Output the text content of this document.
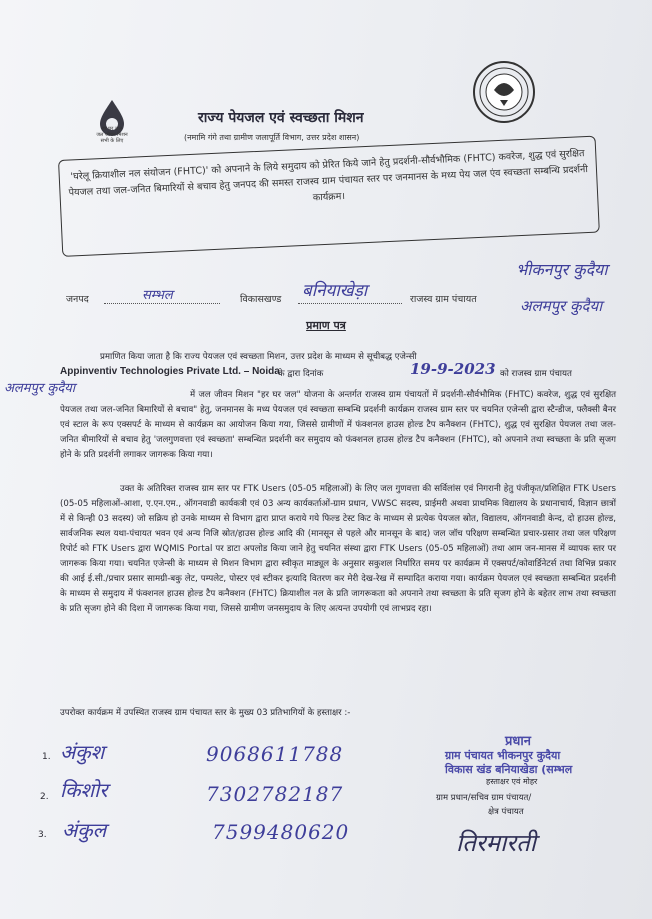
हर घर जल
जल जीवन मिशन
सभी के लिए
राज्य पेयजल एवं स्वच्छता मिशन
(नमामि गंगे तथा ग्रामीण जलापूर्ति विभाग, उत्तर प्रदेश शासन)
'घरेलू क्रियाशील नल संयोजन (FHTC)' को अपनाने के लिये समुदाय को प्रेरित किये जाने हेतु प्रदर्शनी-सौर्वभौमिक (FHTC) कवरेज, शुद्ध एवं सुरक्षित पेयजल तथा जल-जनित बिमारियों से बचाव हेतु जनपद की समस्त राजस्व ग्राम पंचायत स्तर पर जनमानस के मध्य पेय जल एंव स्वच्छता सम्बन्धि प्रदर्शनी कार्यक्रम।
जनपद	सम्भल	विकासखण्ड बनियाखेड़ा	राजस्व ग्राम पंचायत
भीकनपुर कुदैया
अलमपुर कुदैया
प्रमाण पत्र
प्रमाणित किया जाता है कि राज्य पेयजल एवं स्वच्छता मिशन, उत्तर प्रदेश के माध्यम से सूचीबद्ध एजेन्सी
Appinventiv Technologies Private Ltd. – Noida
के द्वारा दिनांक	19-9-2023 को राजस्व ग्राम पंचायत
अलमपुर कुदैया	में जल जीवन मिशन "हर घर जल" योजना के अन्तर्गत राजस्व ग्राम पंचायतों में प्रदर्शनी-सौर्वभौमिक (FHTC) कवरेज, शुद्ध एवं सुरक्षित पेयजल तथा जल-जनित बिमारियों से बचाव" हेतु, जनमानस के मध्य पेयजल एवं स्वच्छता सम्बन्धि प्रदर्शनी कार्यक्रम राजस्व ग्राम स्तर पर चयनित एजेन्सी द्वारा स्टैन्डीज, फ्लैक्सी बैनर एवं स्टाल के रूप एक्सपर्ट के माध्यम से कार्यक्रम का आयोजन किया गया, जिससे ग्रामीणों में फंक्शनल हाउस होल्ड टैप कनैक्शन (FHTC), शुद्ध एवं सुरक्षित पेयजल तथा जल-जनित बीमारियों से बचाव हेतु 'जलगुणवत्ता एवं स्वच्छता' सम्बन्धित प्रदर्शनी कर समुदाय को फंक्शनल हाउस होल्ड टैप कनैक्शन (FHTC), को अपनाने तथा स्वच्छता के प्रति सृजग होने के प्रति प्रदर्शनी लगाकर जागरूक किया गया।
उक्त के अतिरिक्त राजस्व ग्राम स्तर पर FTK Users (05-05 महिलाओं) के लिए जल गुणवत्ता की सर्विलांस एवं निगरानी हेतु पंजीकृत/प्रशिक्षित FTK Users (05-05 महिलाओं-आशा, ए.एन.एम., ऑगनवाडी कार्यकत्री एवं 03 अन्य कार्यकर्ताओं-ग्राम प्रधान, VWSC सदस्य, प्राईमरी अथवा प्राथमिक विद्यालय के प्रधानाचार्य, विज्ञान छात्रों में से किन्ही 03 सदस्य) जो सक्रिय हो उनके माध्यम से विभाग द्वारा प्राप्त कराये गये फिल्ड टेस्ट किट के माध्यम से प्रत्येक पेयजल स्रोत, विद्यालय, ऑगनवाडी केन्द, दो हाउस होल्ड, सार्वजनिक स्थल यथा-पंचायत भवन एवं अन्य निजि स्रोत/हाउस होल्ड आदि की (मानसून से पहले और मानसून के बाद) जल जॉच परिक्षण सम्बन्धित प्रचार-प्रसार तथा जल परिक्षण रिपोर्ट को FTK Users द्वारा WQMIS Portal पर डाटा अपलोड किया जाने हेतु चयनित संस्था द्वारा FTK Users (05-05 महिलाओं) तथा आम जन-मानस में व्यापक स्तर पर जागरूक किया गया। चयनित एजेन्सी के माध्यम से मिशन विभाग द्वारा स्वीकृत माड्यूल के अनुसार सकुशल निर्धारित समय पर कार्यक्रम में एक्सपर्ट/कोवार्डिनेटर्स तथा विभिन्न प्रकार की आई ई.सी./प्रचार प्रसार सामग्री-बकु लेट, पम्पलेट, पोस्टर एवं स्टीकर इत्यादि वितरण कर मेरी देख-रेख में सम्पादित कराया गया। कार्यक्रम पेयजल एवं स्वच्छता सम्बन्धित प्रदर्शनी के माध्यम से समुदाय में फंक्शनल हाउस होल्ड टैप कनैक्शन (FHTC) क्रियाशील नल के प्रति जागरूकता को अपनाने तथा स्वच्छता के प्रति सृजग होने के बहेतर लाभ तथा स्वच्छता के प्रति सृजग होने की दिशा में जागरूक किया गया, जिससे ग्रामीण जनसमुदाय के लिए अत्यन्त उपयोगी एवं लाभप्रद रहा।
उपरोक्त कार्यक्रम में उपस्थित राजस्व ग्राम पंचायत स्तर के मुख्य 03 प्रतिभागियों के हस्ताक्षर :-
1. अंकुश	9068611788
2. किशोर	7302782187
3. अंकुल	7599480620
प्रधान
ग्राम पंचायत भीकनपुर कुदैया
विकास खंड बनियाखेडा (सम्भल
हस्ताक्षर एवं मोहर
ग्राम प्रधान/सचिव ग्राम पंचायत/
क्षेत्र पंचायत
तिरमारती
